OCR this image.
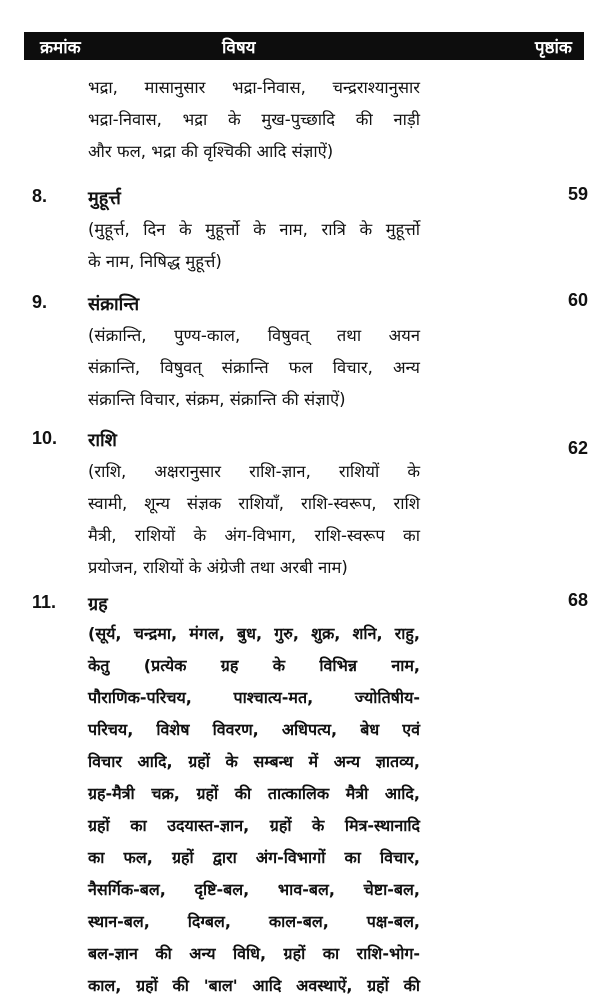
क्रमांक	विषय	पृष्ठांक
भद्रा, मासानुसार भद्रा-निवास, चन्द्रराश्यानुसार
भद्रा-निवास, भद्रा के मुख-पुच्छादि की नाड़ी
और फल, भद्रा की वृश्चिकी आदि संज्ञाऐं)
8. मुहूर्त्त	59
(मुहूर्त्त, दिन के मुहूर्त्तो के नाम, रात्रि के मुहूर्त्तो
के नाम, निषिद्ध मुहूर्त्त)
9. संक्रान्ति	60
(संक्रान्ति, पुण्य-काल, विषुवत् तथा अयन
संक्रान्ति, विषुवत् संक्रान्ति फल विचार, अन्य
संक्रान्ति विचार, संक्रम, संक्रान्ति की संज्ञाऐं)
10. राशि	62
(राशि, अक्षरानुसार राशि-ज्ञान, राशियों के
स्वामी, शून्य संज्ञक राशियाँ, राशि-स्वरूप, राशि
मैत्री, राशियों के अंग-विभाग, राशि-स्वरूप का
प्रयोजन, राशियों के अंग्रेजी तथा अरबी नाम)
11. ग्रह	68
(सूर्य, चन्द्रमा, मंगल, बुध, गुरु, शुक्र, शनि, राहु,
केतु (प्रत्येक ग्रह के विभिन्न नाम,
पौराणिक-परिचय, पाश्चात्य-मत, ज्योतिषीय-
परिचय, विशेष विवरण, अधिपत्य, बेध एवं
विचार आदि, ग्रहों के सम्बन्ध में अन्य ज्ञातव्य,
ग्रह-मैत्री चक्र, ग्रहों की तात्कालिक मैत्री आदि,
ग्रहों का उदयास्त-ज्ञान, ग्रहों के मित्र-स्थानादि
का फल, ग्रहों द्वारा अंग-विभागों का विचार,
नैसर्गिक-बल, दृष्टि-बल, भाव-बल, चेष्टा-बल,
स्थान-बल, दिग्बल, काल-बल, पक्ष-बल,
बल-ज्ञान की अन्य विधि, ग्रहों का राशि-भोग-
काल, ग्रहों की 'बाल' आदि अवस्थाऐं, ग्रहों की
